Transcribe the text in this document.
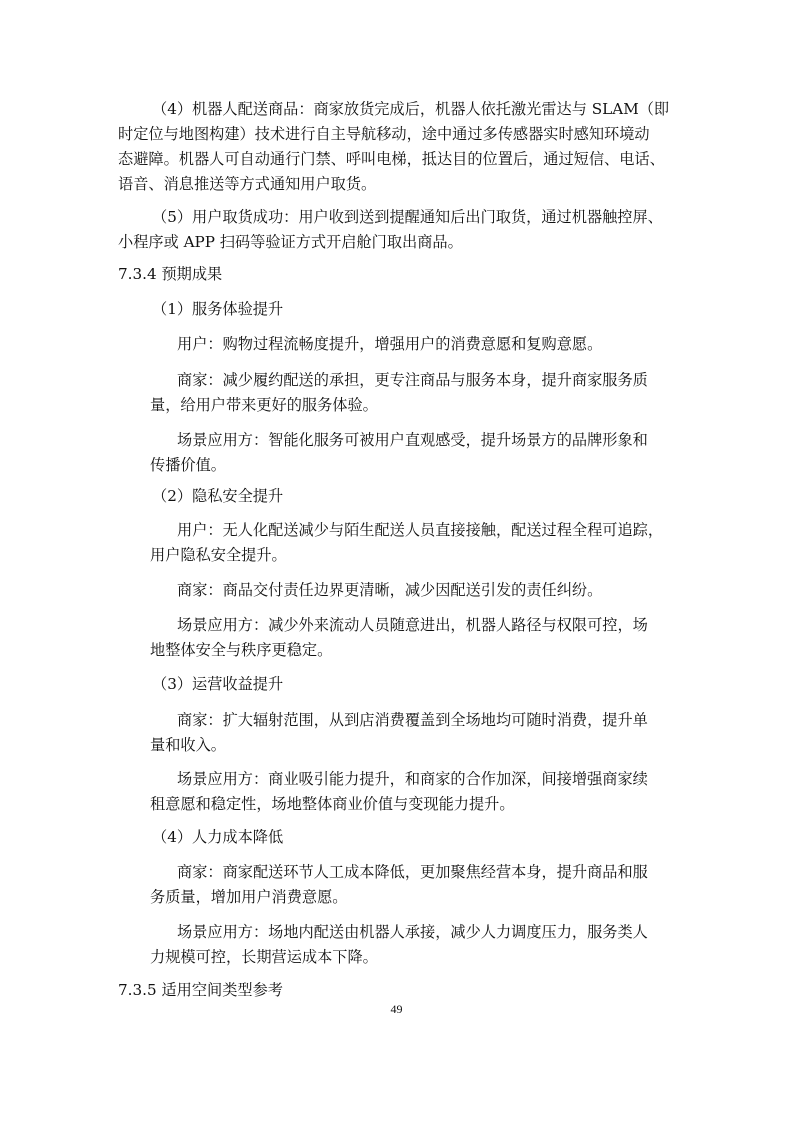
（4）机器人配送商品：商家放货完成后，机器人依托激光雷达与 SLAM（即
时定位与地图构建）技术进行自主导航移动，途中通过多传感器实时感知环境动
态避障。机器人可自动通行门禁、呼叫电梯，抵达目的位置后，通过短信、电话、
语音、消息推送等方式通知用户取货。
（5）用户取货成功：用户收到送到提醒通知后出门取货，通过机器触控屏、
小程序或 APP 扫码等验证方式开启舱门取出商品。
7.3.4 预期成果
（1）服务体验提升
用户：购物过程流畅度提升，增强用户的消费意愿和复购意愿。
商家：减少履约配送的承担，更专注商品与服务本身，提升商家服务质
量，给用户带来更好的服务体验。
场景应用方：智能化服务可被用户直观感受，提升场景方的品牌形象和
传播价值。
（2）隐私安全提升
用户：无人化配送减少与陌生配送人员直接接触，配送过程全程可追踪，
用户隐私安全提升。
商家：商品交付责任边界更清晰，减少因配送引发的责任纠纷。
场景应用方：减少外来流动人员随意进出，机器人路径与权限可控，场
地整体安全与秩序更稳定。
（3）运营收益提升
商家：扩大辐射范围，从到店消费覆盖到全场地均可随时消费，提升单
量和收入。
场景应用方：商业吸引能力提升，和商家的合作加深，间接增强商家续
租意愿和稳定性，场地整体商业价值与变现能力提升。
（4）人力成本降低
商家：商家配送环节人工成本降低，更加聚焦经营本身，提升商品和服
务质量，增加用户消费意愿。
场景应用方：场地内配送由机器人承接，减少人力调度压力，服务类人
力规模可控，长期营运成本下降。
7.3.5 适用空间类型参考
49
